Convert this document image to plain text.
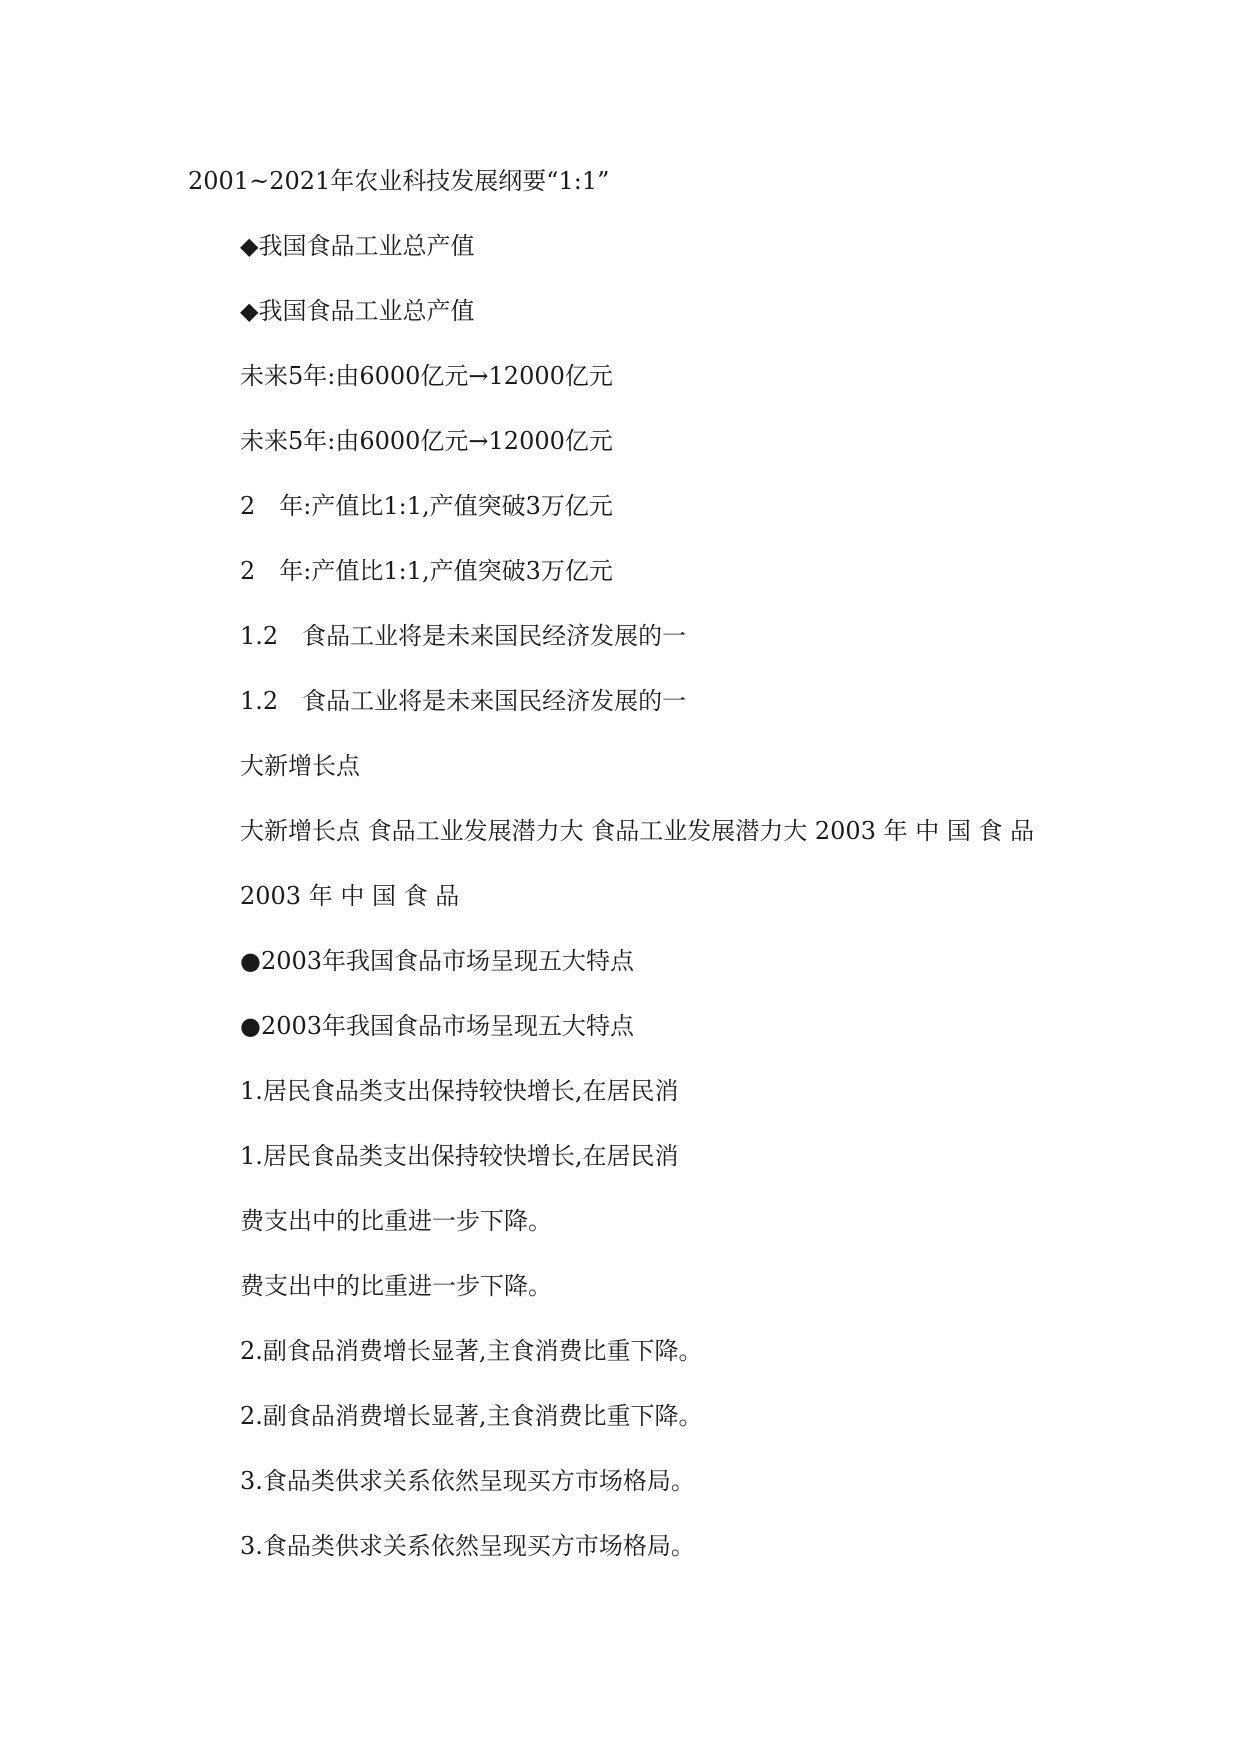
2001~2021年农业科技发展纲要“1:1”
◆我国食品工业总产值
◆我国食品工业总产值
未来5年:由6000亿元→12000亿元
未来5年:由6000亿元→12000亿元
2　年:产值比1:1,产值突破3万亿元
2　年:产值比1:1,产值突破3万亿元
1.2　食品工业将是未来国民经济发展的一
1.2　食品工业将是未来国民经济发展的一
大新增长点
大新增长点 食品工业发展潜力大 食品工业发展潜力大 2003 年 中 国 食 品
2003 年 中 国 食 品
●2003年我国食品市场呈现五大特点
●2003年我国食品市场呈现五大特点
1.居民食品类支出保持较快增长,在居民消
1.居民食品类支出保持较快增长,在居民消
费支出中的比重进一步下降。
费支出中的比重进一步下降。
2.副食品消费增长显著,主食消费比重下降。
2.副食品消费增长显著,主食消费比重下降。
3.食品类供求关系依然呈现买方市场格局。
3.食品类供求关系依然呈现买方市场格局。
